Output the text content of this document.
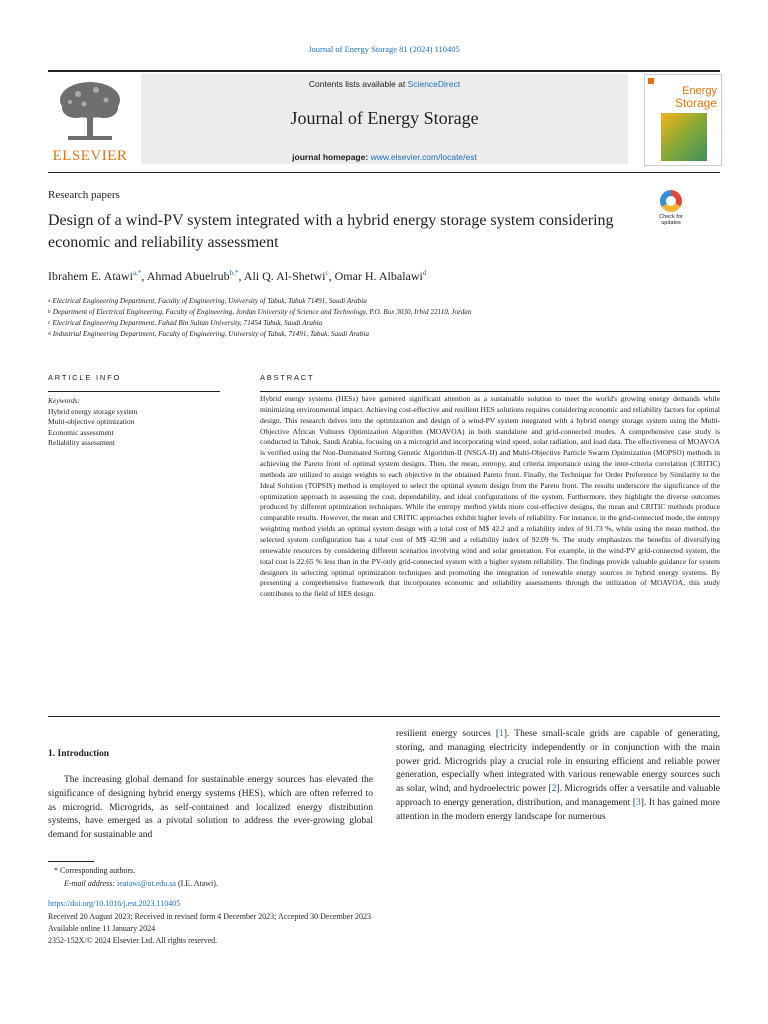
Journal of Energy Storage 81 (2024) 110405
ELSEVIER
Contents lists available at ScienceDirect
Journal of Energy Storage
journal homepage: www.elsevier.com/locate/est
Energy
Storage
Research papers
Design of a wind-PV system integrated with a hybrid energy storage system considering economic and reliability assessment
Check for
updates
Ibrahem E. Atawi$^{a,*}$, Ahmad Abuelrub$^{b,*}$, Ali Q. Al-Shetwi$^c$, Omar H. Albalawi$^d$
$^a$ Electrical Engineering Department, Faculty of Engineering, University of Tabuk, Tabuk 71491, Saudi Arabia
$^b$ Department of Electrical Engineering, Faculty of Engineering, Jordan University of Science and Technology, P.O. Box 3030, Irbid 22110, Jordan
$^c$ Electrical Engineering Department, Fahad Bin Sultan University, 71454 Tabuk, Saudi Arabia
$^d$ Industrial Engineering Department, Faculty of Engineering, University of Tabuk, 71491, Tabuk, Saudi Arabia
ARTICLE INFO
Keywords:
Hybrid energy storage system
Multi-objective optimization
Economic assessment
Reliability assessment
ABSTRACT
Hybrid energy systems (HESs) have garnered significant attention as a sustainable solution to meet the world's growing energy demands while minimizing environmental impact. Achieving cost-effective and resilient HES solutions requires considering economic and reliability factors for optimal design. This research delves into the optimization and design of a wind-PV system integrated with a hybrid energy storage system using the Multi-Objective African Vultures Optimization Algorithm (MOAVOA) in both standalone and grid-connected modes. A comprehensive case study is conducted in Tabuk, Saudi Arabia, focusing on a microgrid and incorporating wind speed, solar radiation, and load data. The effectiveness of MOAVOA is verified using the Non-Dominated Sorting Genetic Algorithm-II (NSGA-II) and Multi-Objective Particle Swarm Optimization (MOPSO) methods in achieving the Pareto front of optimal system designs. Then, the mean, entropy, and criteria importance using the inter-criteria correlation (CRITIC) methods are utilized to assign weights to each objective in the obtained Pareto front. Finally, the Technique for Order Preference by Similarity to the Ideal Solution (TOPSIS) method is employed to select the optimal system design from the Pareto front. The results underscore the significance of the optimization approach in assessing the cost, dependability, and ideal configurations of the system. Furthermore, they highlight the diverse outcomes produced by different optimization techniques. While the entropy method yields more cost-effective designs, the mean and CRITIC methods produce comparable results. However, the mean and CRITIC approaches exhibit higher levels of reliability. For instance, in the grid-connected mode, the entropy weighting method yields an optimal system design with a total cost of M$ 42.2 and a reliability index of 91.73 %, while using the mean method, the selected system configuration has a total cost of M$ 42.98 and a reliability index of 92.09 %. The study emphasizes the benefits of diversifying renewable resources by considering different scenarios involving wind and solar generation. For example, in the wind-PV grid-connected system, the total cost is 22.65 % less than in the PV-only grid-connected system with a higher system reliability. The findings provide valuable guidance for system designers in selecting optimal optimization techniques and promoting the integration of renewable energy sources in hybrid energy systems. By presenting a comprehensive framework that incorporates economic and reliability assessments through the utilization of MOAVOA, this study contributes to the field of HES design.
1. Introduction
The increasing global demand for sustainable energy sources has elevated the significance of designing hybrid energy systems (HES), which are often referred to as microgrid. Microgrids, as self-contained and localized energy distribution systems, have emerged as a pivotal solution to address the ever-growing global demand for sustainable and
resilient energy sources [1]. These small-scale grids are capable of generating, storing, and managing electricity independently or in conjunction with the main power grid. Microgrids play a crucial role in ensuring efficient and reliable power generation, especially when integrated with various renewable energy sources such as solar, wind, and hydroelectric power [2]. Microgrids offer a versatile and valuable approach to energy generation, distribution, and management [3]. It has gained more attention in the modern energy landscape for numerous
* Corresponding authors.
E-mail address: ieatawi@ut.edu.sa (I.E. Atawi).
https://doi.org/10.1016/j.est.2023.110405
Received 20 August 2023; Received in revised form 4 December 2023; Accepted 30 December 2023
Available online 11 January 2024
2352-152X/© 2024 Elsevier Ltd. All rights reserved.
